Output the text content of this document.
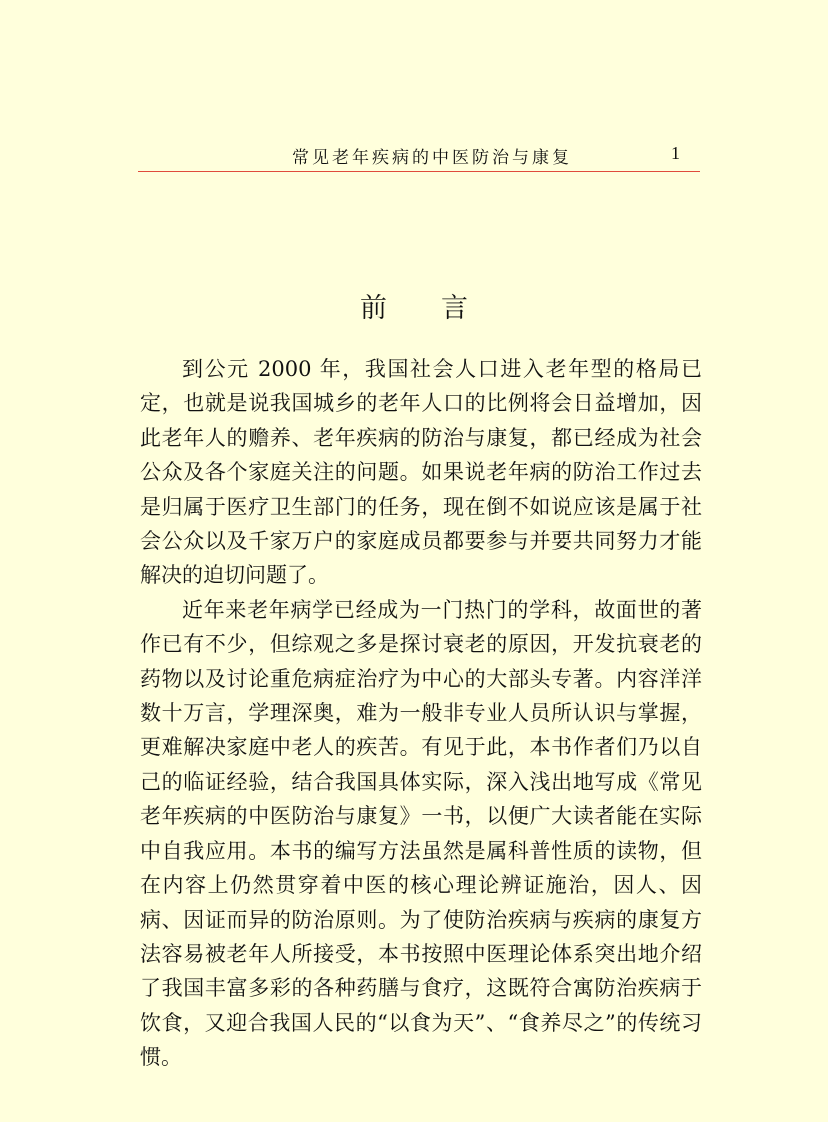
常见老年疾病的中医防治与康复	1
前 言

到公元 2000 年，我国社会人口进入老年型的格局已定，也就是说我国城乡的老年人口的比例将会日益增加，因此老年人的赡养、老年疾病的防治与康复，都已经成为社会公众及各个家庭关注的问题。如果说老年病的防治工作过去是归属于医疗卫生部门的任务，现在倒不如说应该是属于社会公众以及千家万户的家庭成员都要参与并要共同努力才能解决的迫切问题了。

近年来老年病学已经成为一门热门的学科，故面世的著作已有不少，但综观之多是探讨衰老的原因，开发抗衰老的药物以及讨论重危病症治疗为中心的大部头专著。内容洋洋数十万言，学理深奥，难为一般非专业人员所认识与掌握，更难解决家庭中老人的疾苦。有见于此，本书作者们乃以自己的临证经验，结合我国具体实际，深入浅出地写成《常见老年疾病的中医防治与康复》一书，以便广大读者能在实际中自我应用。本书的编写方法虽然是属科普性质的读物，但在内容上仍然贯穿着中医的核心理论辨证施治，因人、因病、因证而异的防治原则。为了使防治疾病与疾病的康复方法容易被老年人所接受，本书按照中医理论体系突出地介绍了我国丰富多彩的各种药膳与食疗，这既符合寓防治疾病于饮食，又迎合我国人民的“以食为天”、“食养尽之”的传统习惯。
